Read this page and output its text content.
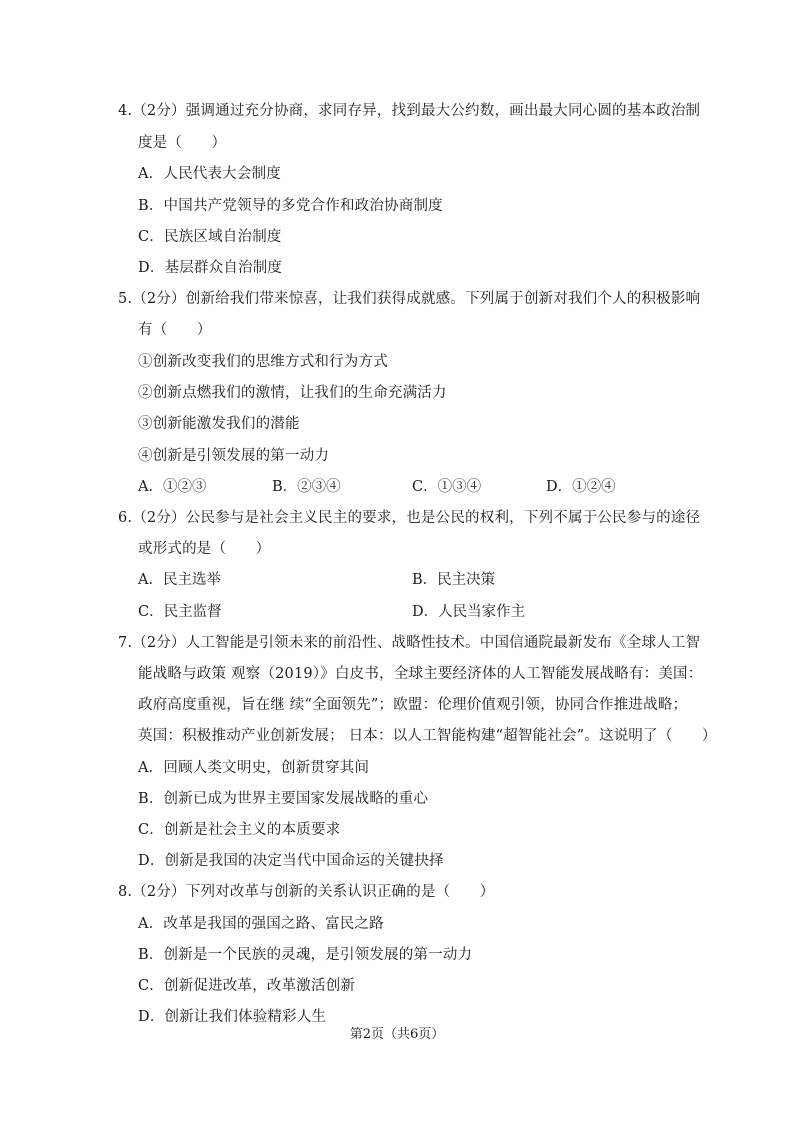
4.（2分）强调通过充分协商，求同存异，找到最大公约数，画出最大同心圆的基本政治制
度是（　　）
A．人民代表大会制度
B．中国共产党领导的多党合作和政治协商制度
C．民族区域自治制度
D．基层群众自治制度
5.（2分）创新给我们带来惊喜，让我们获得成就感。下列属于创新对我们个人的积极影响
有（　　）
①创新改变我们的思维方式和行为方式
②创新点燃我们的激情，让我们的生命充满活力
③创新能激发我们的潜能
④创新是引领发展的第一动力
A．①②③	B．②③④	C．①③④	D．①②④
6.（2分）公民参与是社会主义民主的要求，也是公民的权利，下列不属于公民参与的途径
或形式的是（　　）
A．民主选举	B．民主决策
C．民主监督	D．人民当家作主
7.（2分）人工智能是引领未来的前沿性、战略性技术。中国信通院最新发布《全球人工智
能战略与政策 观察（2019）》白皮书，全球主要经济体的人工智能发展战略有：美国：
政府高度重视，旨在继 续“全面领先”；欧盟：伦理价值观引领，协同合作推进战略；
英国：积极推动产业创新发展； 日本：以人工智能构建“超智能社会”。这说明了（　　）
A．回顾人类文明史，创新贯穿其间
B．创新已成为世界主要国家发展战略的重心
C．创新是社会主义的本质要求
D．创新是我国的决定当代中国命运的关键抉择
8.（2分）下列对改革与创新的关系认识正确的是（　　）
A．改革是我国的强国之路、富民之路
B．创新是一个民族的灵魂，是引领发展的第一动力
C．创新促进改革，改革激活创新
D．创新让我们体验精彩人生
第2页（共6页）
